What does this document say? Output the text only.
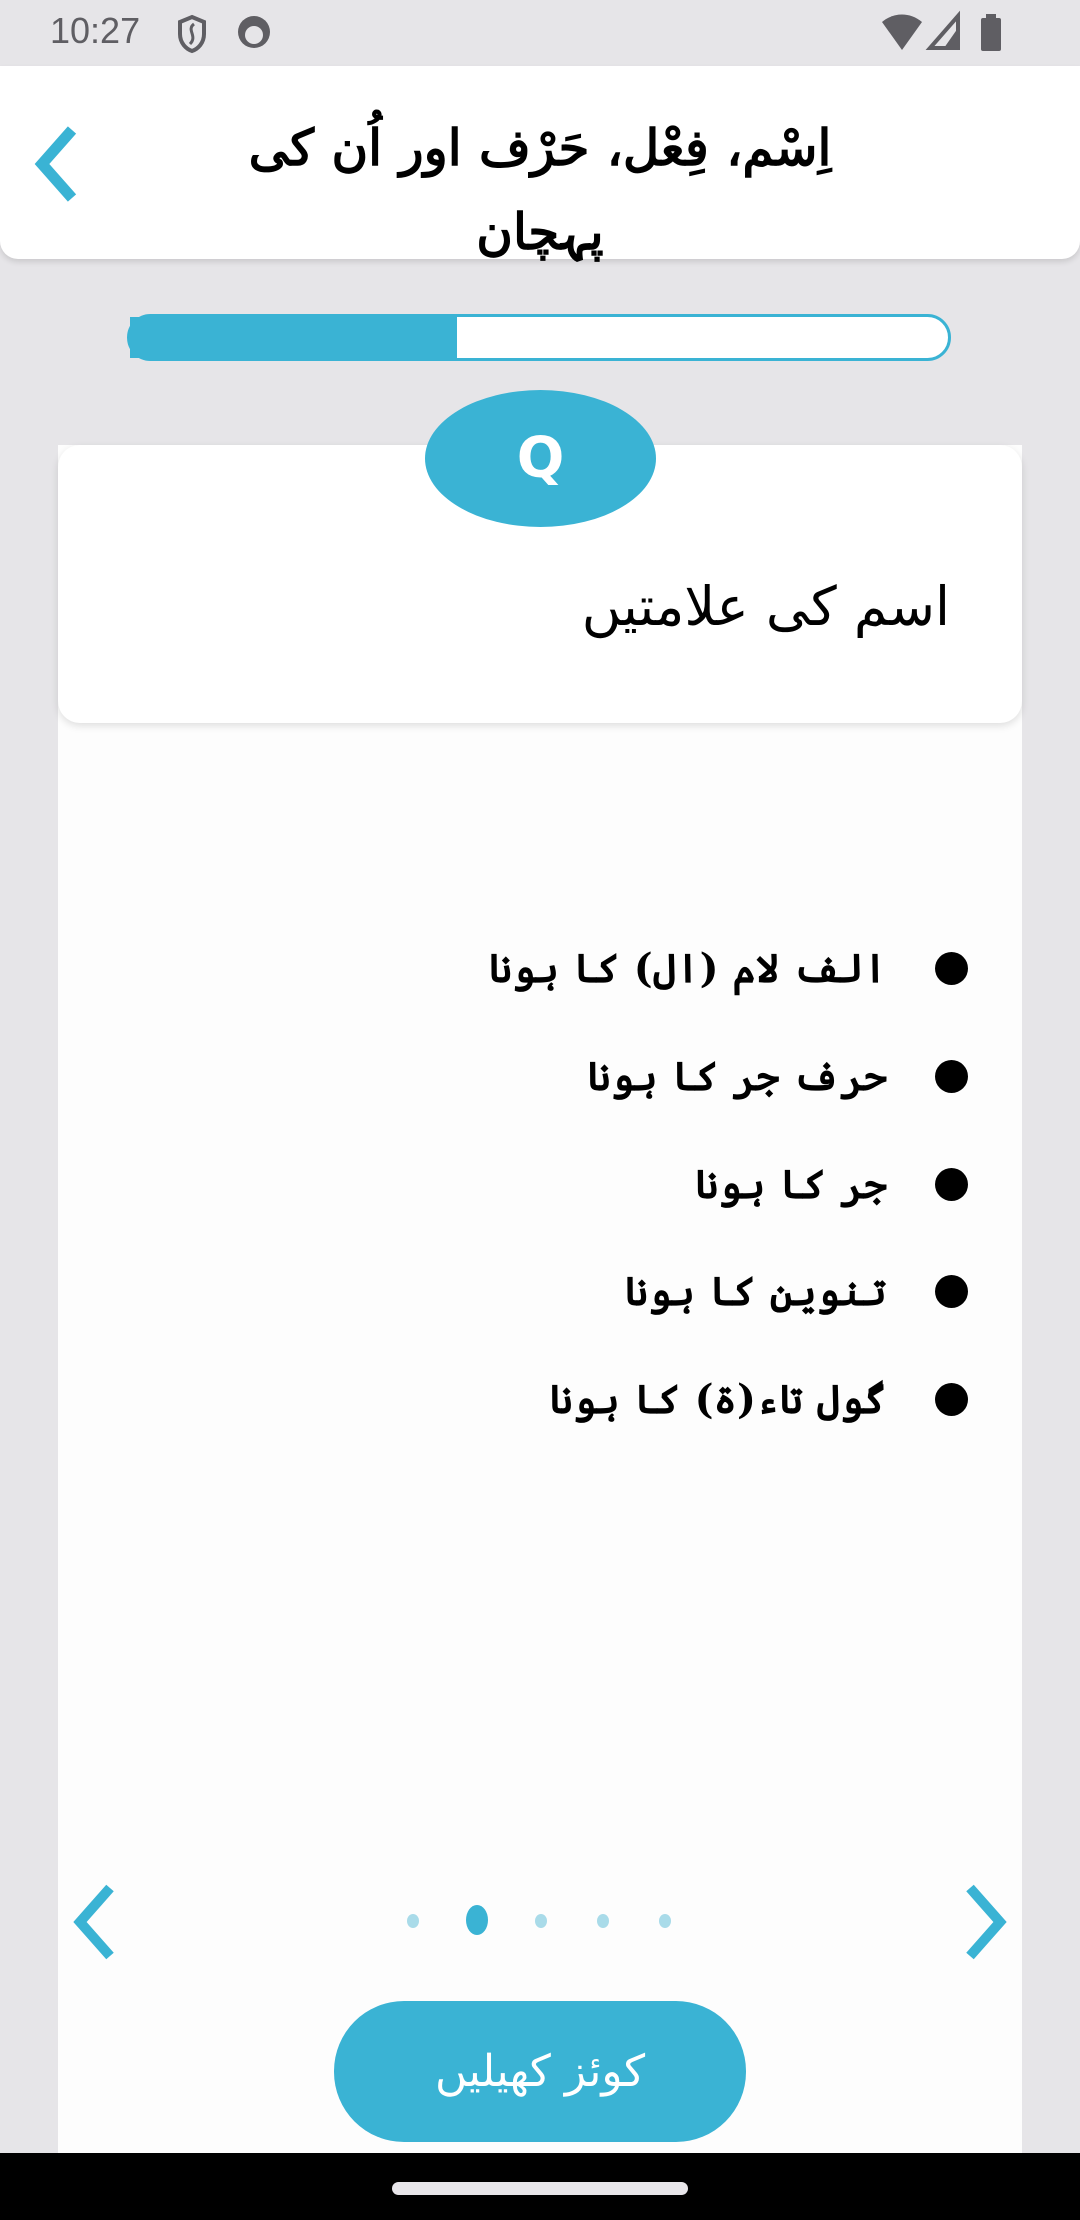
10:27
اِسْم، فِعْل، حَرْف اور اُن کی پہچان
Q
اسم کی علامتیں
الف لام (ال) کا ہونا
حرف جر کا ہونا
جر کا ہونا
تنوین کا ہونا
گول تاء(ۃ) کا ہونا
کوئز کھیلیں
